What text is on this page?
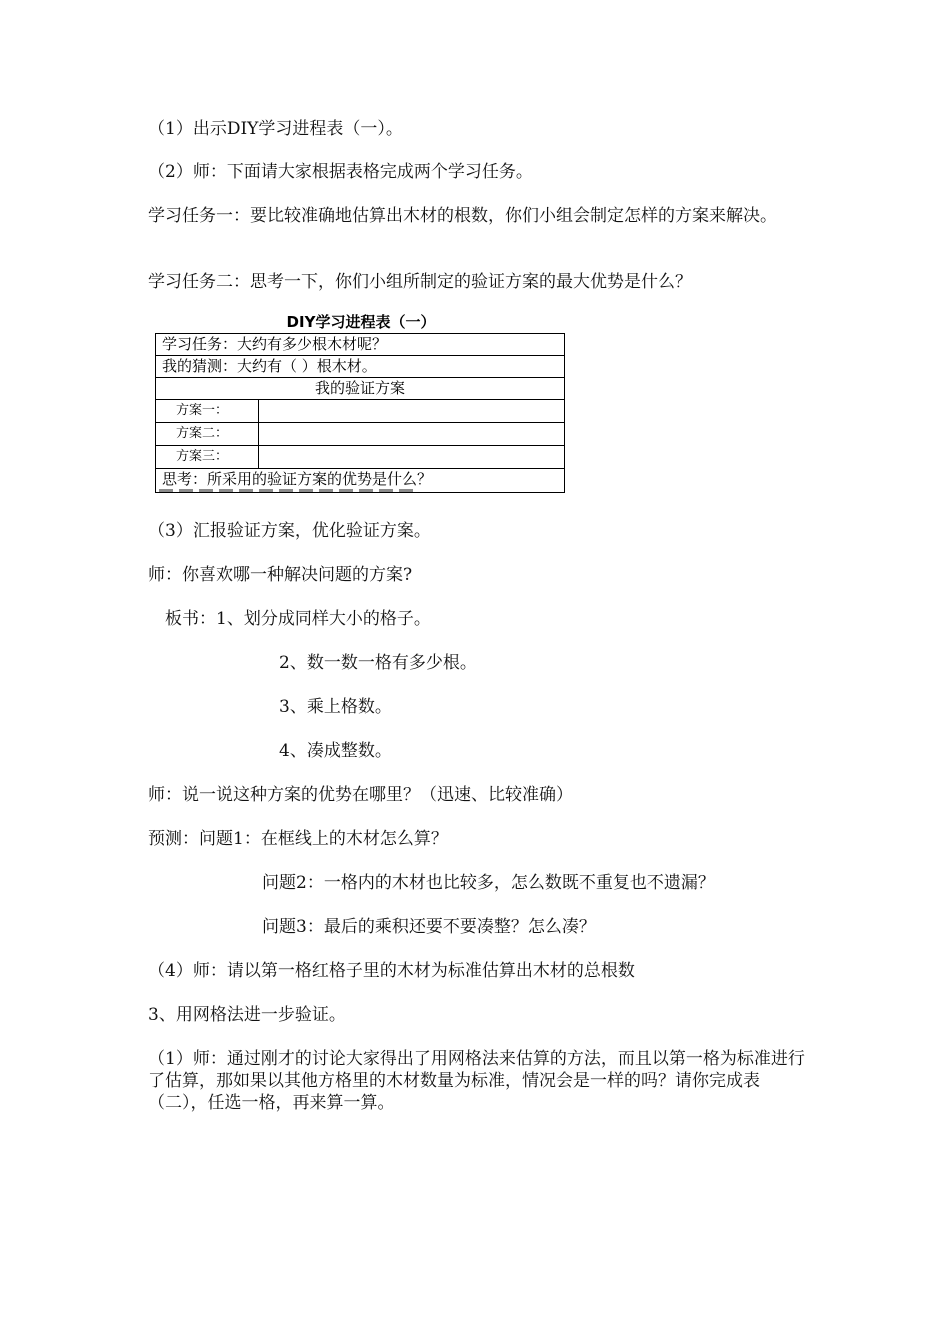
（1）出示DIY学习进程表（一）。

（2）师：下面请大家根据表格完成两个学习任务。

学习任务一：要比较准确地估算出木材的根数，你们小组会制定怎样的方案来解决。

学习任务二：思考一下，你们小组所制定的验证方案的最大优势是什么？

DIY学习进程表（一）
学习任务：大约有多少根木材呢？
我的猜测：大约有（ ）根木材。
我的验证方案
方案一：
方案二：
方案三：
思考：所采用的验证方案的优势是什么？

（3）汇报验证方案，优化验证方案。

师：你喜欢哪一种解决问题的方案?

板书：1、划分成同样大小的格子。

2、数一数一格有多少根。

3、乘上格数。

4、凑成整数。

师：说一说这种方案的优势在哪里？（迅速、比较准确）

预测：问题1：在框线上的木材怎么算？

问题2：一格内的木材也比较多，怎么数既不重复也不遗漏？

问题3：最后的乘积还要不要凑整？怎么凑？

（4）师：请以第一格红格子里的木材为标准估算出木材的总根数

3、用网格法进一步验证。

（1）师：通过刚才的讨论大家得出了用网格法来估算的方法，而且以第一格为标准进行了估算，那如果以其他方格里的木材数量为标准，情况会是一样的吗？请你完成表（二），任选一格，再来算一算。
